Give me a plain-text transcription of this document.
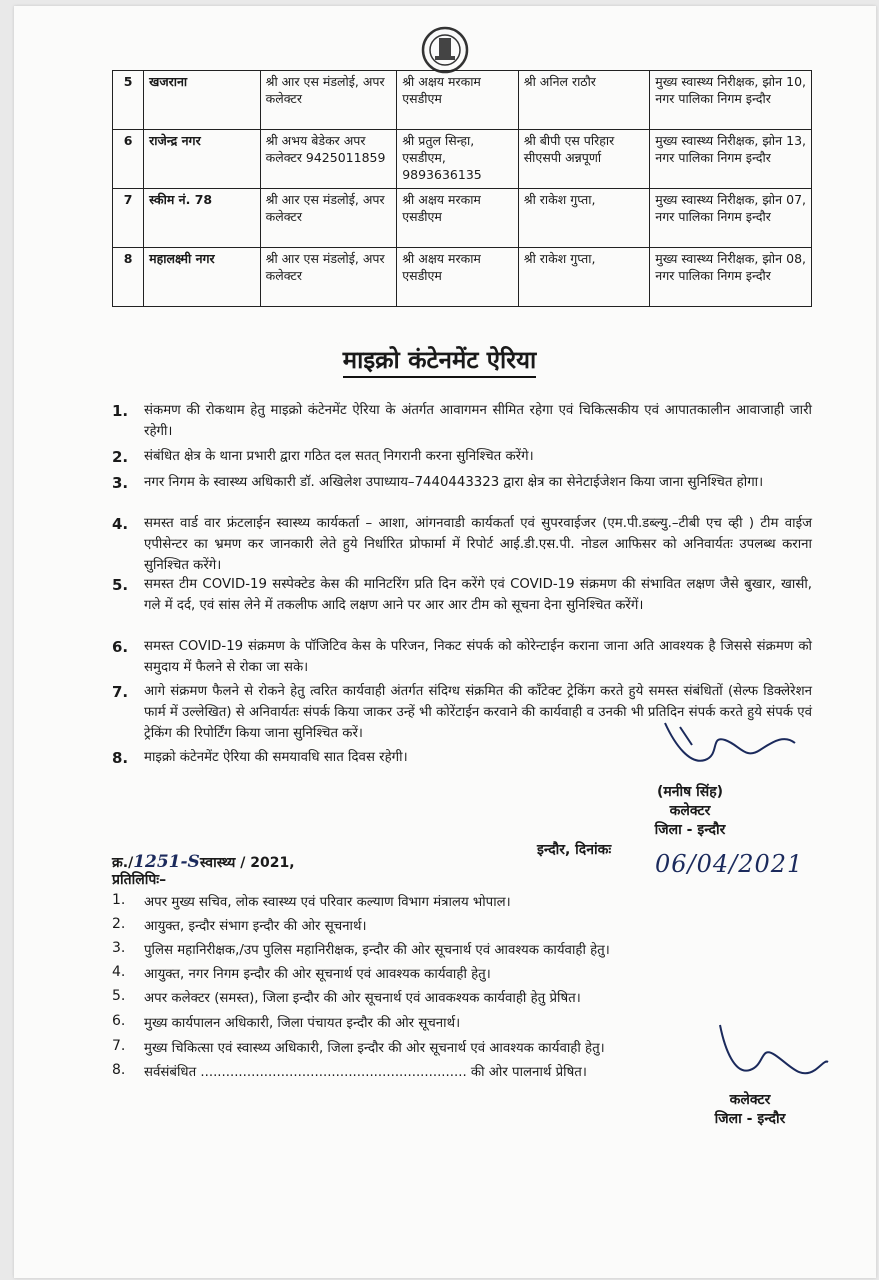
5	खजराना	श्री आर एस मंडलोई, अपर कलेक्टर	श्री अक्षय मरकाम एसडीएम	श्री अनिल राठौर	मुख्य स्वास्थ्य निरीक्षक, झोन 10, नगर पालिका निगम इन्दौर
6	राजेन्द्र नगर	श्री अभय बेडेकर अपर कलेक्टर 9425011859	श्री प्रतुल सिन्हा, एसडीएम, 9893636135	श्री बीपी एस परिहार सीएसपी अन्नपूर्णा	मुख्य स्वास्थ्य निरीक्षक, झोन 13, नगर पालिका निगम इन्दौर
7	स्कीम नं. 78	श्री आर एस मंडलोई, अपर कलेक्टर	श्री अक्षय मरकाम एसडीएम	श्री राकेश गुप्ता,	मुख्य स्वास्थ्य निरीक्षक, झोन 07, नगर पालिका निगम इन्दौर
8	महालक्ष्मी नगर	श्री आर एस मंडलोई, अपर कलेक्टर	श्री अक्षय मरकाम एसडीएम	श्री राकेश गुप्ता,	मुख्य स्वास्थ्य निरीक्षक, झोन 08, नगर पालिका निगम इन्दौर
माइक्रो कंटेनमेंट ऐरिया
1. संकमण की रोकथाम हेतु माइक्रो कंटेनमेंट ऐरिया के अंतर्गत आवागमन सीमित रहेगा एवं चिकित्सकीय एवं आपातकालीन आवाजाही जारी रहेगी।
2. संबंधित क्षेत्र के थाना प्रभारी द्वारा गठित दल सतत् निगरानी करना सुनिश्चित करेंगे।
3. नगर निगम के स्वास्थ्य अधिकारी डॉ. अखिलेश उपाध्याय–7440443323 द्वारा क्षेत्र का सेनेटाईजेशन किया जाना सुनिश्चित होगा।
4. समस्त वार्ड वार फ्रंटलाईन स्वास्थ्य कार्यकर्ता – आशा, आंगनवाडी कार्यकर्ता एवं सुपरवाईजर (एम.पी.डब्ल्यु.–टीबी एच व्ही ) टीम वाईज एपीसेन्टर का भ्रमण कर जानकारी लेते हुये निर्धारित प्रोफार्मा में रिपोर्ट आई.डी.एस.पी. नोडल आफिसर को अनिवार्यतः उपलब्ध कराना सुनिश्चित करेंगे।
5. समस्त टीम COVID-19 सस्पेक्टेड केस की मानिटरिंग प्रति दिन करेंगे एवं COVID-19 संक्रमण की संभावित लक्षण जैसे बुखार, खासी, गले में दर्द, एवं सांस लेने में तकलीफ आदि लक्षण आने पर आर आर टीम को सूचना देना सुनिश्चित करेंगें।
6. समस्त COVID-19 संक्रमण के पॉजिटिव केस के परिजन, निकट संपर्क को कोरेन्टाईन कराना जाना अति आवश्यक है जिससे संक्रमण को समुदाय में फैलने से रोका जा सके।
7. आगे संक्रमण फैलने से रोकने हेतु त्वरित कार्यवाही अंतर्गत संदिग्ध संक्रमित की कॉंटेक्ट ट्रेकिंग करते हुये समस्त संबंधितों (सेल्फ डिक्लेरेशन फार्म में उल्लेखित) से अनिवार्यतः संपर्क किया जाकर उन्हें भी कोरेंटाईन करवाने की कार्यवाही व उनकी भी प्रतिदिन संपर्क करते हुये संपर्क एवं ट्रेकिंग की रिपोर्टिंग किया जाना सुनिश्चित करें।
8. माइक्रो कंटेनमेंट ऐरिया की समयावधि सात दिवस रहेगी।
(मनीष सिंह)
कलेक्टर
जिला - इन्दौर
क्र./1251-Sस्वास्थ्य / 2021,
इन्दौर, दिनांकः 06/04/2021
प्रतिलिपिः–
1. अपर मुख्य सचिव, लोक स्वास्थ्य एवं परिवार कल्याण विभाग मंत्रालय भोपाल।
2. आयुक्त, इन्दौर संभाग इन्दौर की ओर सूचनार्थ।
3. पुलिस महानिरीक्षक,/उप पुलिस महानिरीक्षक, इन्दौर की ओर सूचनार्थ एवं आवश्यक कार्यवाही हेतु।
4. आयुक्त, नगर निगम इन्दौर की ओर सूचनार्थ एवं आवश्यक कार्यवाही हेतु।
5. अपर कलेक्टर (समस्त), जिला इन्दौर की ओर सूचनार्थ एवं आवकश्यक कार्यवाही हेतु प्रेषित।
6. मुख्य कार्यपालन अधिकारी, जिला पंचायत इन्दौर की ओर सूचनार्थ।
7. मुख्य चिकित्सा एवं स्वास्थ्य अधिकारी, जिला इन्दौर की ओर सूचनार्थ एवं आवश्यक कार्यवाही हेतु।
8. सर्वसंबंधित ............................................................... की ओर पालनार्थ प्रेषित।
कलेक्टर
जिला - इन्दौर
